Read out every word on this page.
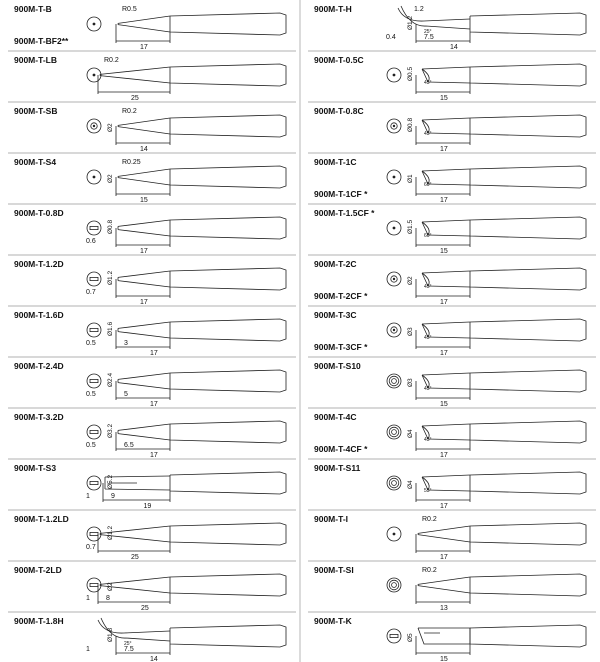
900M-T-B
900M-T-BF2**
17
R0.5
900M-T-LB
25
R0.2
900M-T-SB
14
R0.2
Ø2
900M-T-S4
15
R0.25
Ø2
900M-T-0.8D
17
Ø0.8
0.6
900M-T-1.2D
17
Ø1.2
0.7
900M-T-1.6D
3
17
Ø1.6
0.5
900M-T-2.4D
5
17
Ø2.4
0.5
900M-T-3.2D
6.5
17
Ø3.2
0.5
900M-T-S3
9
19
Ø5.2
1
900M-T-1.2LD
25
Ø1.2
0.7
900M-T-2LD
8
25
Ø2
1
900M-T-1.8H
7.5
14
Ø1.8
1
25°
900M-T-H
7.5
14
Ø1.2
0.4
25°
1.2
900M-T-0.5C
15
Ø0.5
45°
900M-T-0.8C
17
Ø0.8
45°
900M-T-1C
900M-T-1CF *
17
Ø1
60°
900M-T-1.5CF *
15
Ø1.5
60°
900M-T-2C
900M-T-2CF *
17
Ø2
45°
900M-T-3C
900M-T-3CF *
17
Ø3
45°
900M-T-S10
15
Ø3
45°
900M-T-4C
900M-T-4CF *
17
Ø4
45°
900M-T-S11
17
Ø4
55°
900M-T-I
17
R0.2
900M-T-SI
13
R0.2
900M-T-K
15
Ø5
